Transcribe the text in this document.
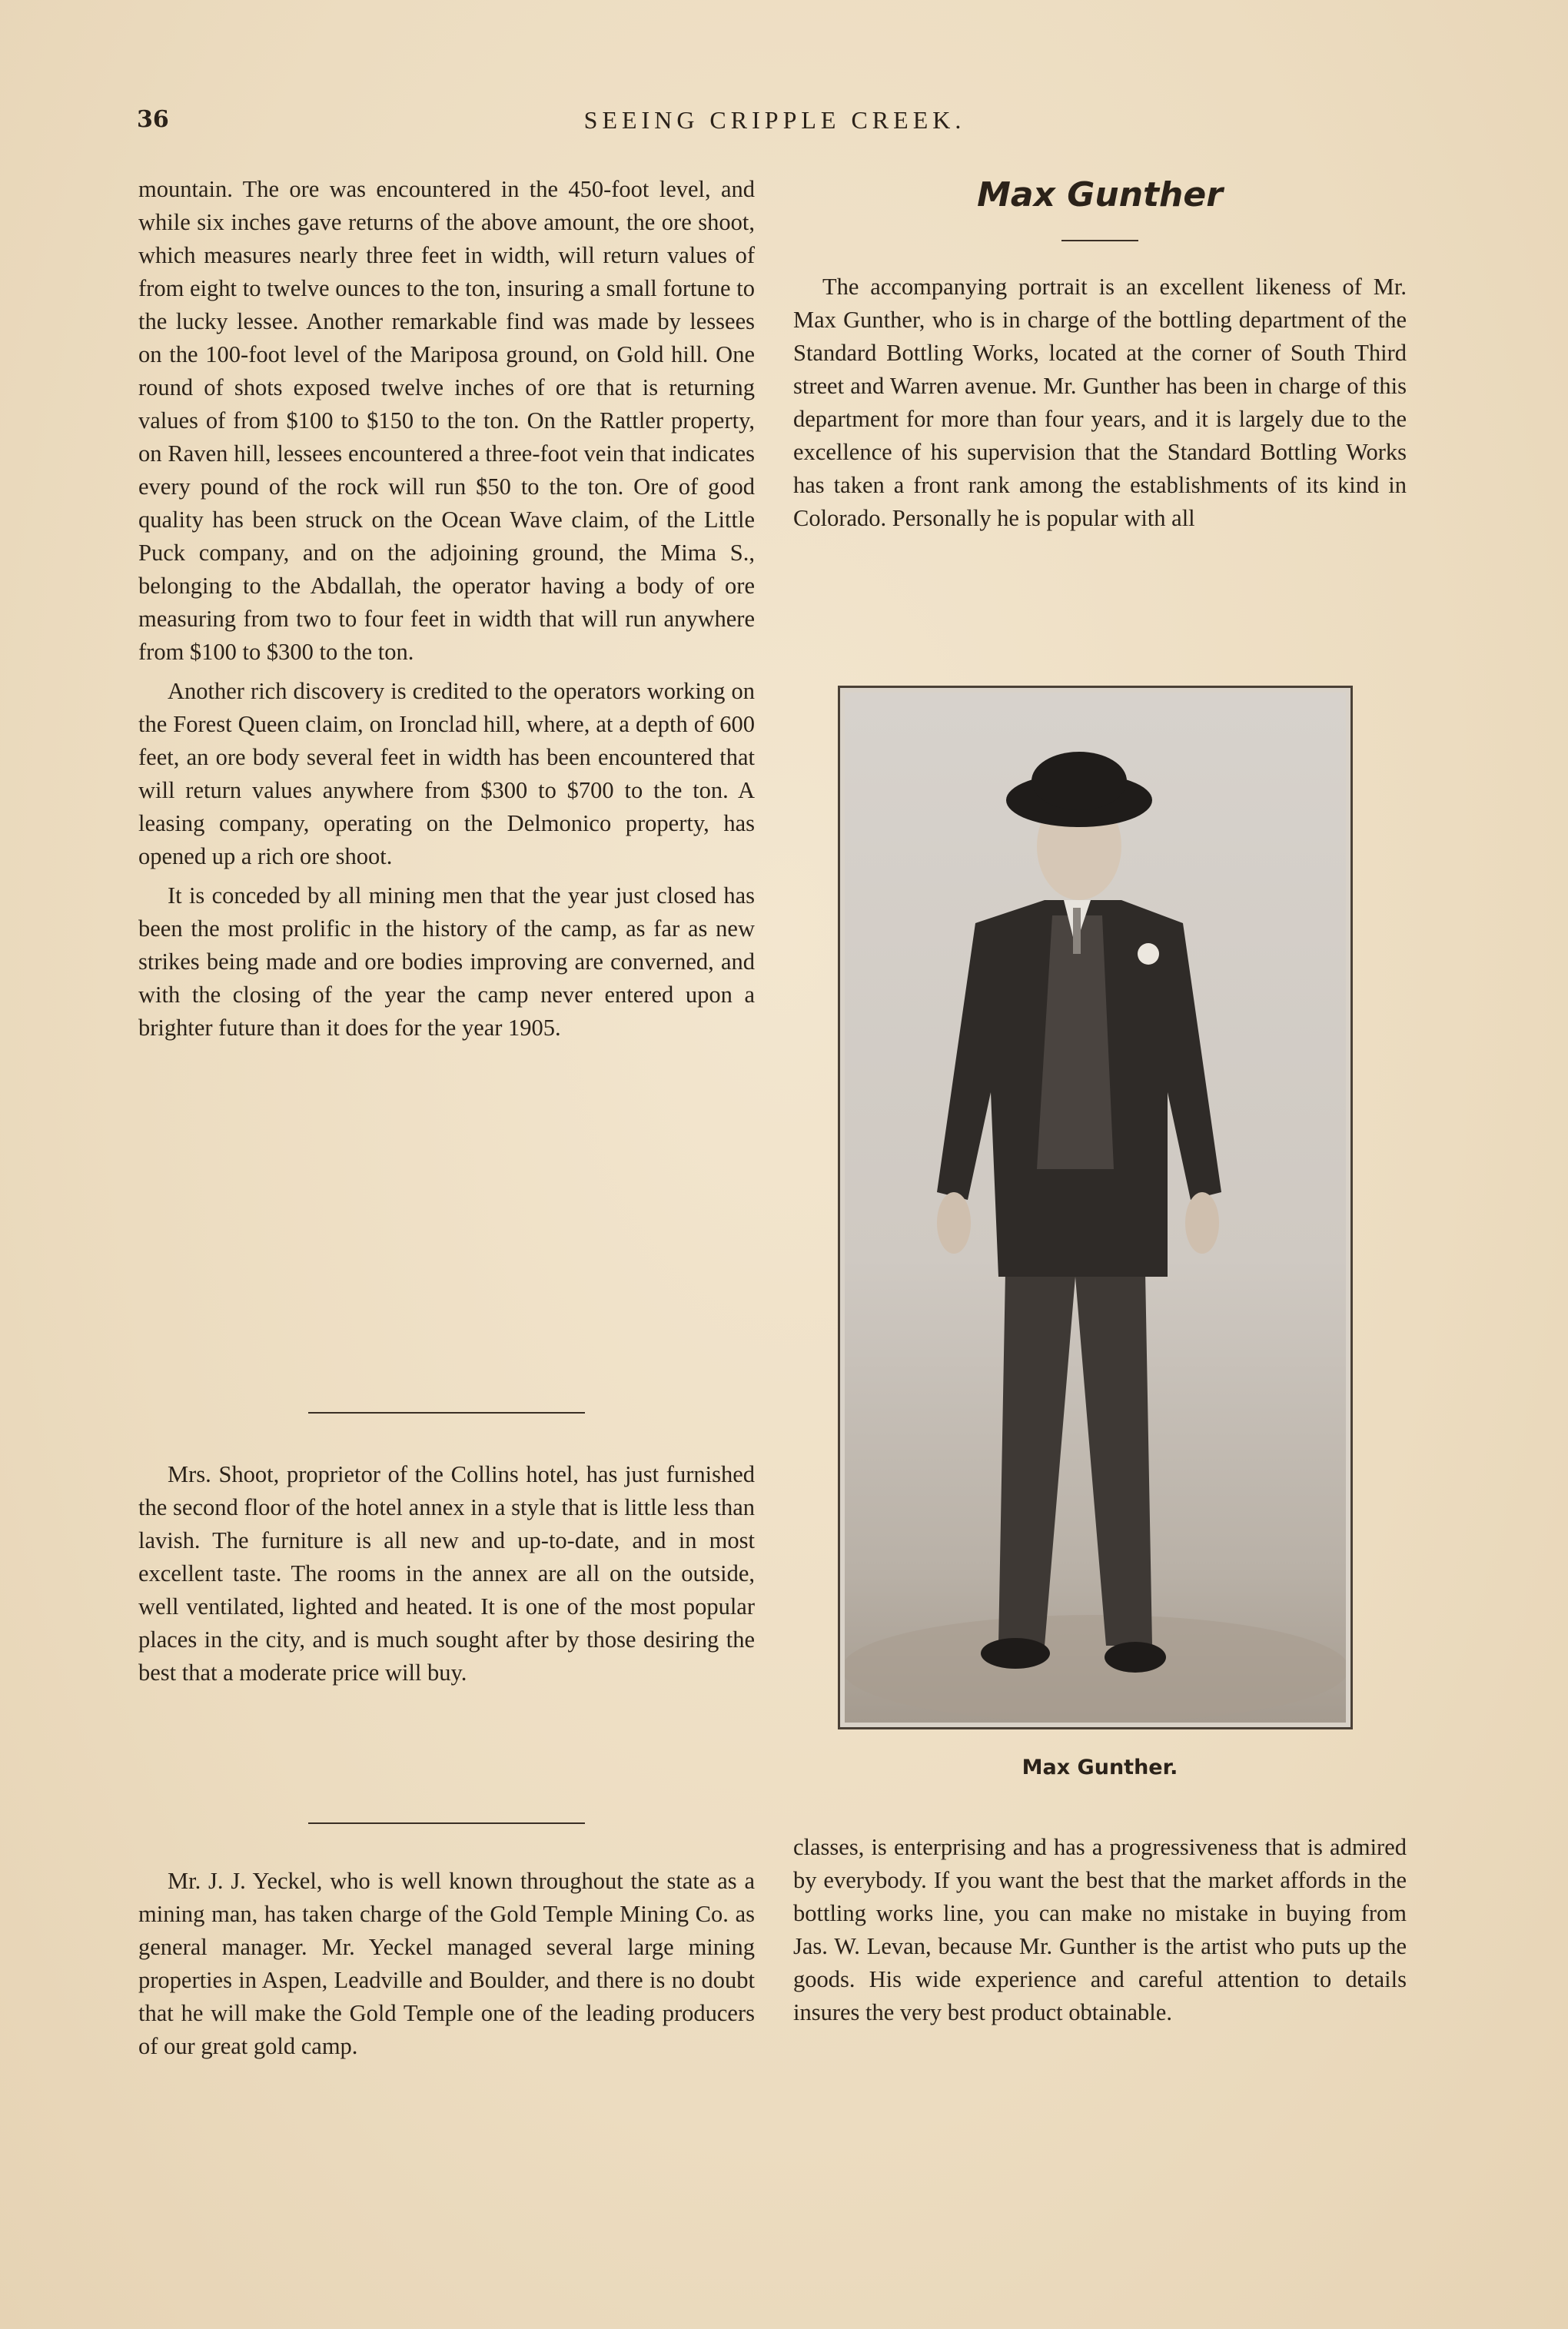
36	SEEING CRIPPLE CREEK.

mountain. The ore was encountered in the 450-foot level, and while six inches gave returns of the above amount, the ore shoot, which measures nearly three feet in width, will return values of from eight to twelve ounces to the ton, insuring a small fortune to the lucky lessee. Another remarkable find was made by lessees on the 100-foot level of the Mariposa ground, on Gold hill. One round of shots exposed twelve inches of ore that is returning values of from $100 to $150 to the ton. On the Rattler property, on Raven hill, lessees encountered a three-foot vein that indicates every pound of the rock will run $50 to the ton. Ore of good quality has been struck on the Ocean Wave claim, of the Little Puck company, and on the adjoining ground, the Mima S., belonging to the Abdallah, the operator having a body of ore measuring from two to four feet in width that will run anywhere from $100 to $300 to the ton.

Another rich discovery is credited to the operators working on the Forest Queen claim, on Ironclad hill, where, at a depth of 600 feet, an ore body several feet in width has been encountered that will return values anywhere from $300 to $700 to the ton. A leasing company, operating on the Delmonico property, has opened up a rich ore shoot.

It is conceded by all mining men that the year just closed has been the most prolific in the history of the camp, as far as new strikes being made and ore bodies improving are converned, and with the closing of the year the camp never entered upon a brighter future than it does for the year 1905.

Mrs. Shoot, proprietor of the Collins hotel, has just furnished the second floor of the hotel annex in a style that is little less than lavish. The furniture is all new and up-to-date, and in most excellent taste. The rooms in the annex are all on the outside, well ventilated, lighted and heated. It is one of the most popular places in the city, and is much sought after by those desiring the best that a moderate price will buy.

Mr. J. J. Yeckel, who is well known throughout the state as a mining man, has taken charge of the Gold Temple Mining Co. as general manager. Mr. Yeckel managed several large mining properties in Aspen, Leadville and Boulder, and there is no doubt that he will make the Gold Temple one of the leading producers of our great gold camp.

Max Gunther

The accompanying portrait is an excellent likeness of Mr. Max Gunther, who is in charge of the bottling department of the Standard Bottling Works, located at the corner of South Third street and Warren avenue. Mr. Gunther has been in charge of this department for more than four years, and it is largely due to the excellence of his supervision that the Standard Bottling Works has taken a front rank among the establishments of its kind in Colorado. Personally he is popular with all

Max Gunther.

classes, is enterprising and has a progressiveness that is admired by everybody. If you want the best that the market affords in the bottling works line, you can make no mistake in buying from Jas. W. Levan, because Mr. Gunther is the artist who puts up the goods. His wide experience and careful attention to details insures the very best product obtainable.
